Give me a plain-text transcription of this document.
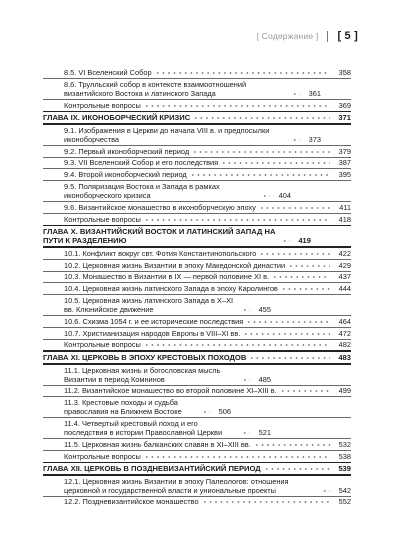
[ Содержание ] [ 5 ]
8.5. VI Вселенский Собор	358
8.6. Трулльский собор в контексте взаимоотношений византийского Востока и латинского Запада	361
Контрольные вопросы	369
ГЛАВА IX. ИКОНОБОРЧЕСКИЙ КРИЗИС	371
9.1. Изображения в Церкви до начала VIII в. и предпосылки иконоборчества	373
9.2. Первый иконоборческий период	379
9.3. VII Вселенский Собор и его последствия	387
9.4. Второй иконоборческий период	395
9.5. Поляризация Востока и Запада в рамках иконоборческого кризиса	404
9.6. Византийское монашество в иконоборческую эпоху	411
Контрольные вопросы	418
ГЛАВА X. ВИЗАНТИЙСКИЙ ВОСТОК И ЛАТИНСКИЙ ЗАПАД НА ПУТИ К РАЗДЕЛЕНИЮ	419
10.1. Конфликт вокруг свт. Фотия Константинопольского	422
10.2. Церковная жизнь Византии в эпоху Македонской династии	429
10.3. Монашество в Византии в IX — первой половине XI в.	437
10.4. Церковная жизнь латинского Запада в эпоху Каролингов	444
10.5. Церковная жизнь латинского Запада в X–XI вв. Клюнийское движение	455
10.6. Схизма 1054 г. и ее исторические последствия	464
10.7. Христианизация народов Европы в VIII–XI вв.	472
Контрольные вопросы	482
ГЛАВА XI. ЦЕРКОВЬ В ЭПОХУ КРЕСТОВЫХ ПОХОДОВ	483
11.1. Церковная жизнь и богословская мысль Византии в период Комнинов	485
11.2. Византийское монашество во второй половине XI–XIII в.	499
11.3. Крестовые походы и судьба православия на Ближнем Востоке	506
11.4. Четвертый крестовый поход и его последствия в истории Православной Церкви	521
11.5. Церковная жизнь балканских славян в XI–XIII вв.	532
Контрольные вопросы	538
ГЛАВА XII. ЦЕРКОВЬ В ПОЗДНЕВИЗАНТИЙСКИЙ ПЕРИОД	539
12.1. Церковная жизнь Византии в эпоху Палеологов: отношения церковной и государственной власти и униональные проекты	542
12.2. Поздневизантийское монашество	552
